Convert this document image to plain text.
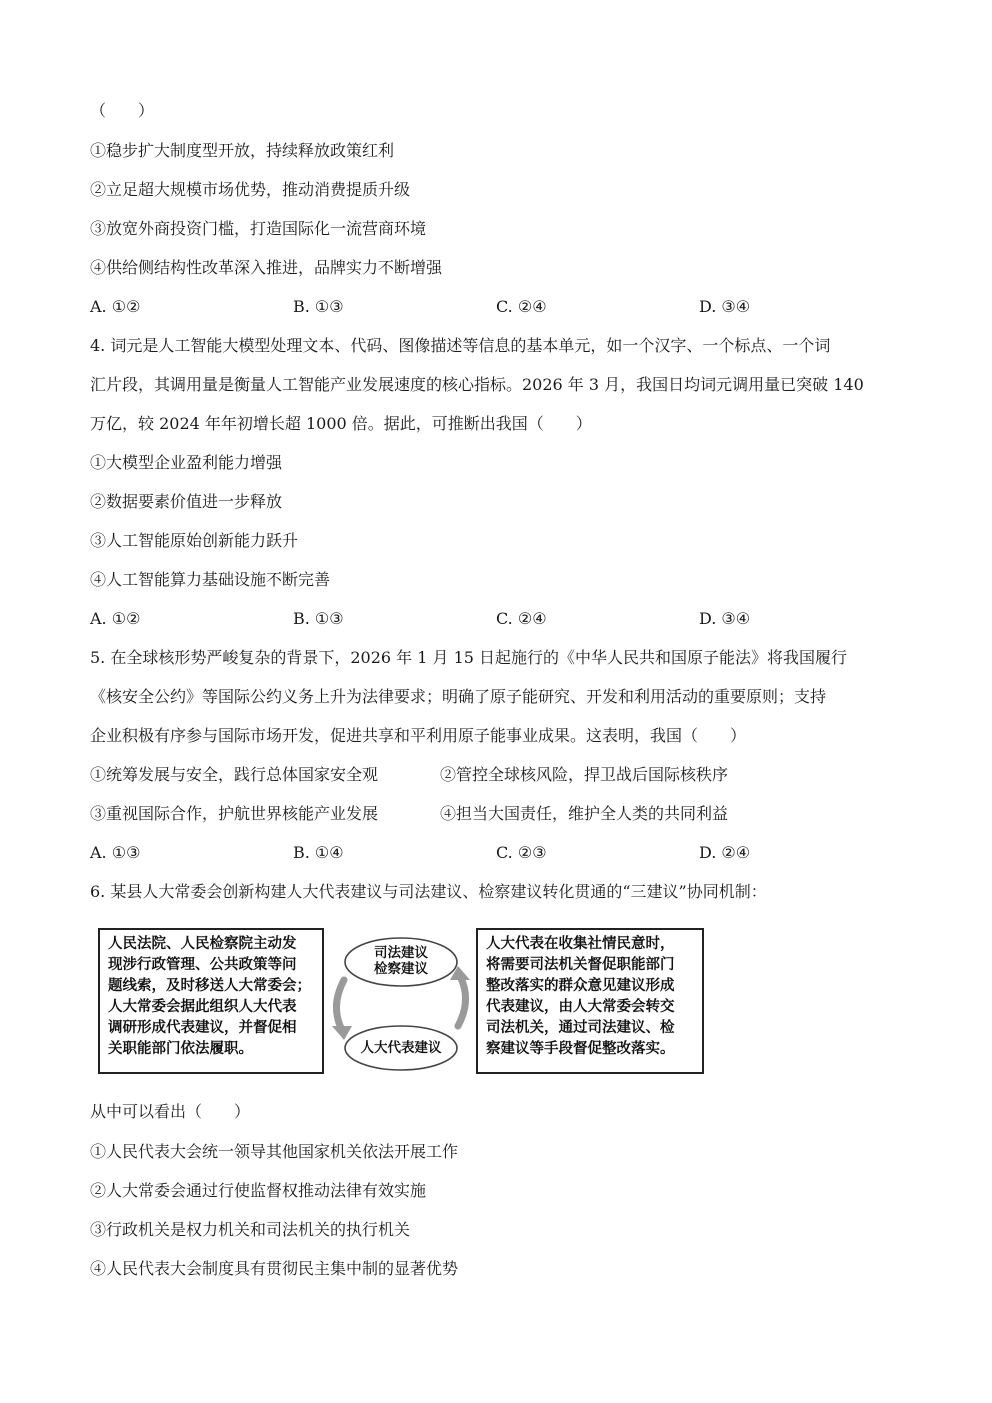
（　　）
①稳步扩大制度型开放，持续释放政策红利
②立足超大规模市场优势，推动消费提质升级
③放宽外商投资门槛，打造国际化一流营商环境
④供给侧结构性改革深入推进，品牌实力不断增强
A. ①②	B. ①③	C. ②④	D. ③④
4. 词元是人工智能大模型处理文本、代码、图像描述等信息的基本单元，如一个汉字、一个标点、一个词
汇片段，其调用量是衡量人工智能产业发展速度的核心指标。2026 年 3 月，我国日均词元调用量已突破 140
万亿，较 2024 年年初增长超 1000 倍。据此，可推断出我国（　　）
①大模型企业盈利能力增强
②数据要素价值进一步释放
③人工智能原始创新能力跃升
④人工智能算力基础设施不断完善
A. ①②	B. ①③	C. ②④	D. ③④
5. 在全球核形势严峻复杂的背景下，2026 年 1 月 15 日起施行的《中华人民共和国原子能法》将我国履行
《核安全公约》等国际公约义务上升为法律要求；明确了原子能研究、开发和利用活动的重要原则；支持
企业积极有序参与国际市场开发，促进共享和平利用原子能事业成果。这表明，我国（　　）
①统筹发展与安全，践行总体国家安全观	②管控全球核风险，捍卫战后国际核秩序
③重视国际合作，护航世界核能产业发展	④担当大国责任，维护全人类的共同利益
A. ①③	B. ①④	C. ②③	D. ②④
6. 某县人大常委会创新构建人大代表建议与司法建议、检察建议转化贯通的“三建议”协同机制：
人民法院、人民检察院主动发
现涉行政管理、公共政策等问
题线索，及时移送人大常委会；
人大常委会据此组织人大代表
调研形成代表建议，并督促相
关职能部门依法履职。
司法建议
检察建议
人大代表建议
人大代表在收集社情民意时，
将需要司法机关督促职能部门
整改落实的群众意见建议形成
代表建议，由人大常委会转交
司法机关，通过司法建议、检
察建议等手段督促整改落实。
从中可以看出（　　）
①人民代表大会统一领导其他国家机关依法开展工作
②人大常委会通过行使监督权推动法律有效实施
③行政机关是权力机关和司法机关的执行机关
④人民代表大会制度具有贯彻民主集中制的显著优势
